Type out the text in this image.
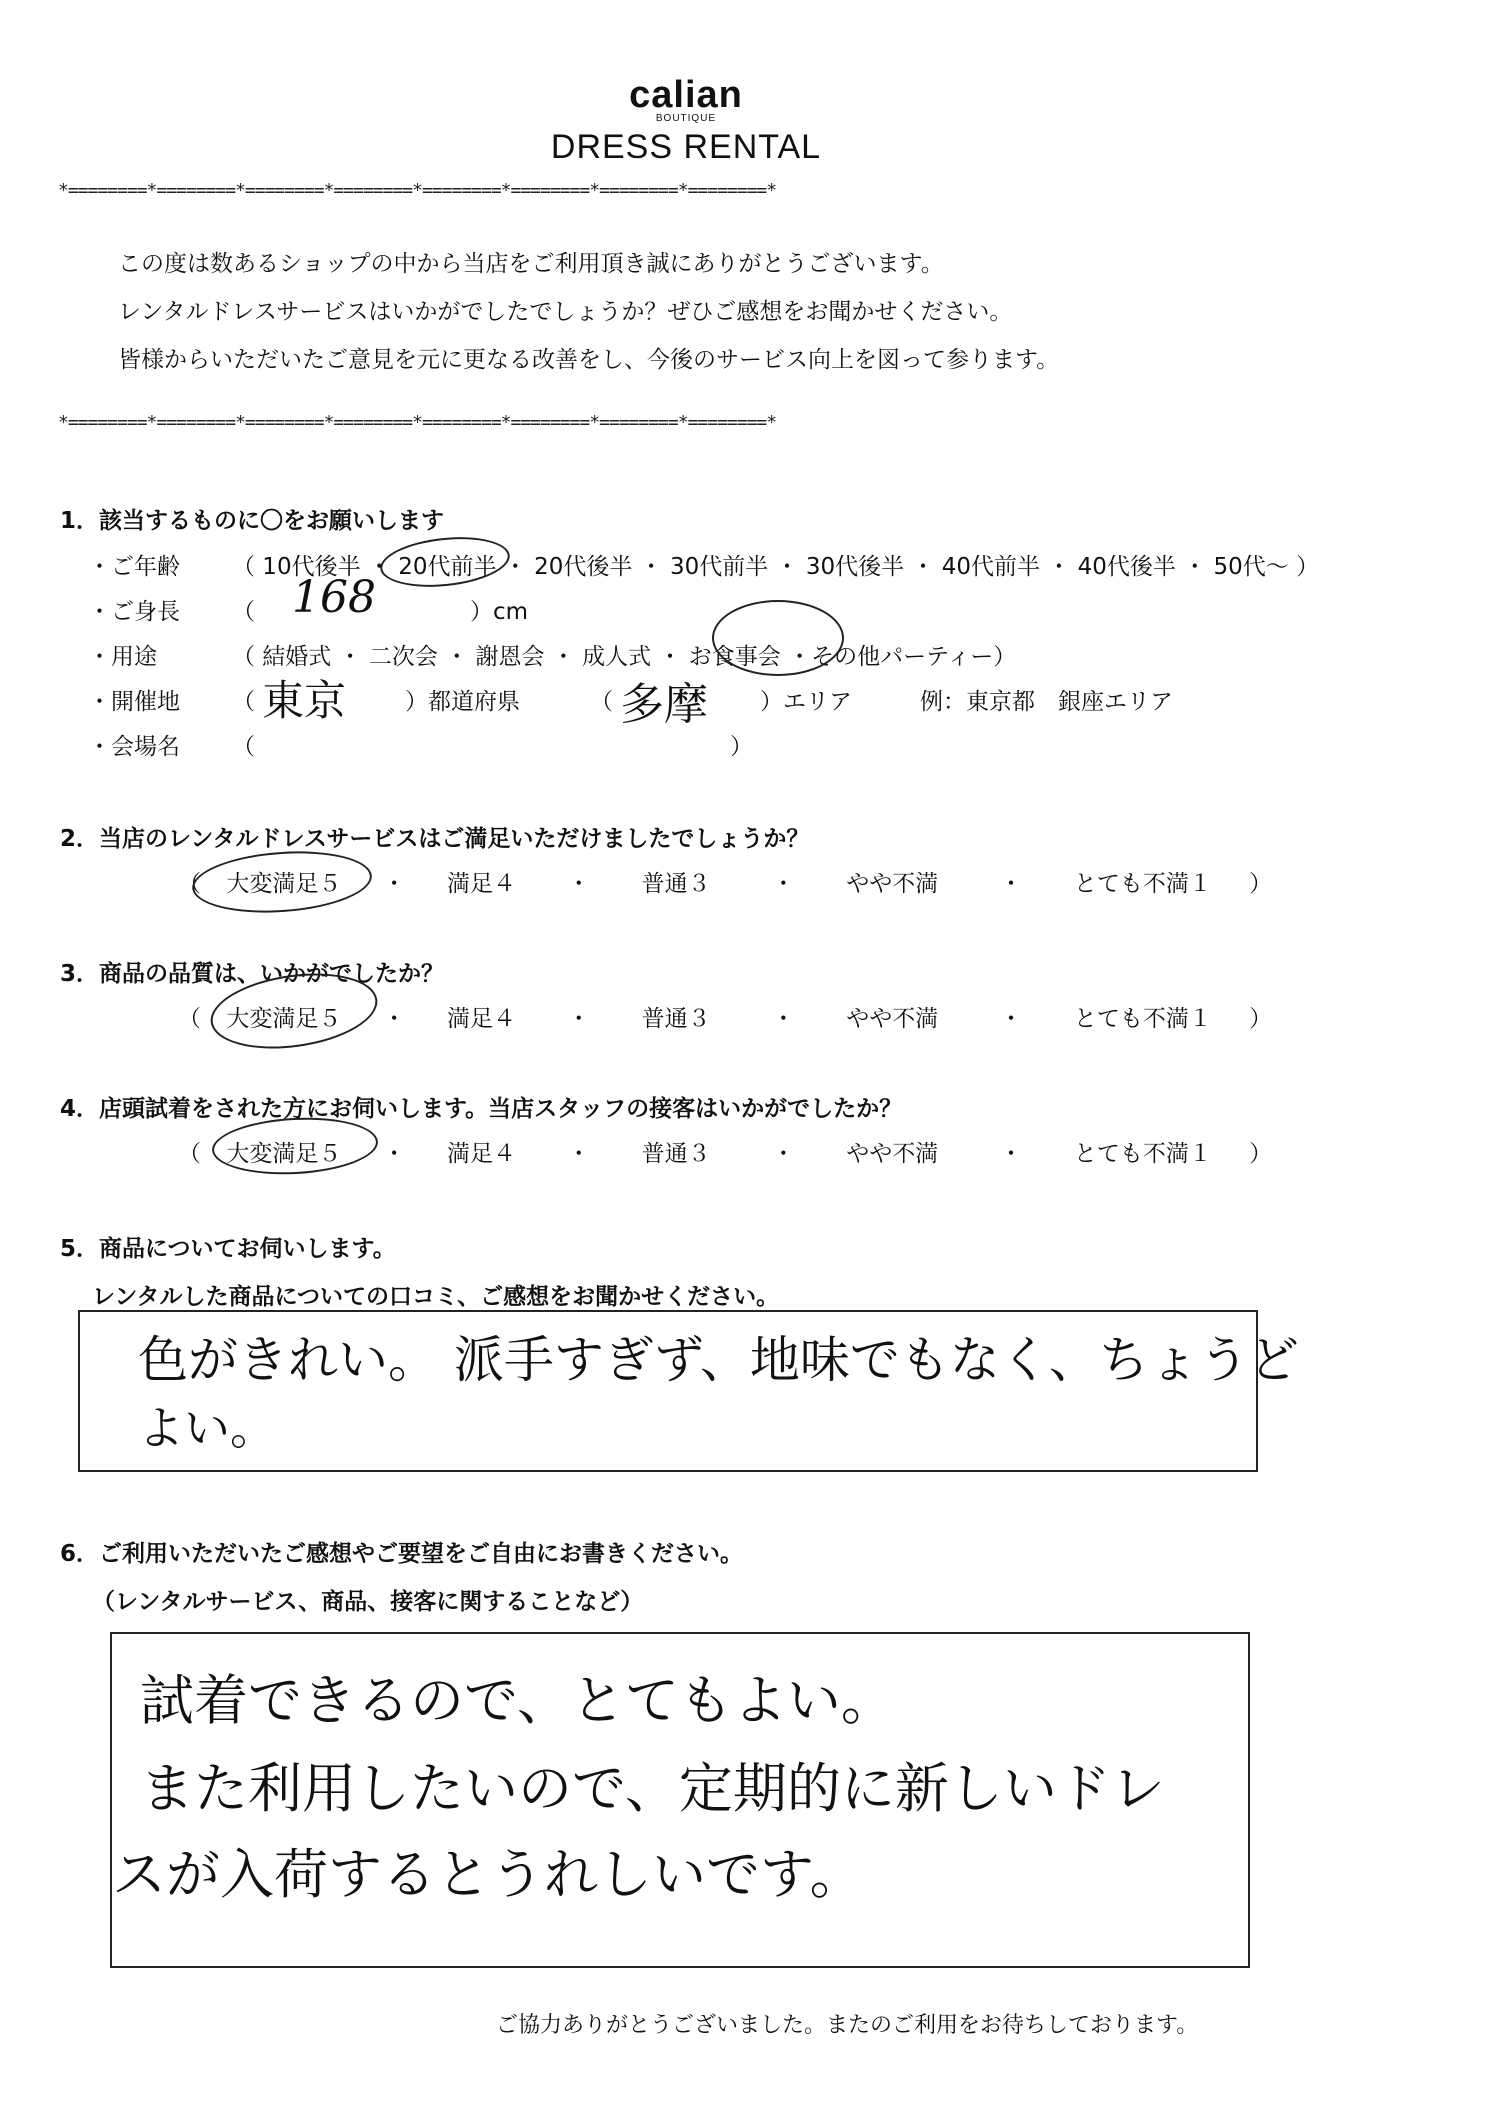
calian
BOUTIQUE
DRESS RENTAL
*========*========*========*========*========*========*========*========*
この度は数あるショップの中から当店をご利用頂き誠にありがとうございます。
レンタルドレスサービスはいかがでしたでしょうか？ぜひご感想をお聞かせください。
皆様からいただいたご意見を元に更なる改善をし、今後のサービス向上を図って参ります。
*========*========*========*========*========*========*========*========*
1．該当するものに〇をお願いします
・ご年齢 （ 10代後半 ・ 20代前半 ・ 20代後半 ・ 30代前半 ・ 30代後半 ・ 40代前半 ・ 40代後半 ・ 50代〜 ）
・ご身長 （ 168	）cm
・用途	（ 結婚式 ・ 二次会 ・ 謝恩会 ・ 成人式 ・ お食事会 ・その他パーティー）
・開催地 （ 東京	）都道府県	（ 多摩 ）エリア	例：東京都　銀座エリア
・会場名 （	）
2．当店のレンタルドレスサービスはご満足いただけましたでしょうか？
（ 大変満足５ ・ 満足４ ・ 普通３	・ やや不満	・ とても不満１ ）
3．商品の品質は、いかがでしたか？
（ 大変満足５ ・ 満足４ ・ 普通３	・ やや不満	・ とても不満１ ）
4．店頭試着をされた方にお伺いします。当店スタッフの接客はいかがでしたか？
（ 大変満足５ ・ 満足４ ・ 普通３	・ やや不満	・ とても不満１ ）
5．商品についてお伺いします。
レンタルした商品についての口コミ、ご感想をお聞かせください。
色がきれい。 派手すぎず、地味でもなく、ちょうど
よい。
6．ご利用いただいたご感想やご要望をご自由にお書きください。
（レンタルサービス、商品、接客に関することなど）
試着できるので、とてもよい。
また利用したいので、定期的に新しいドレ
スが入荷するとうれしいです。
ご協力ありがとうございました。またのご利用をお待ちしております。
